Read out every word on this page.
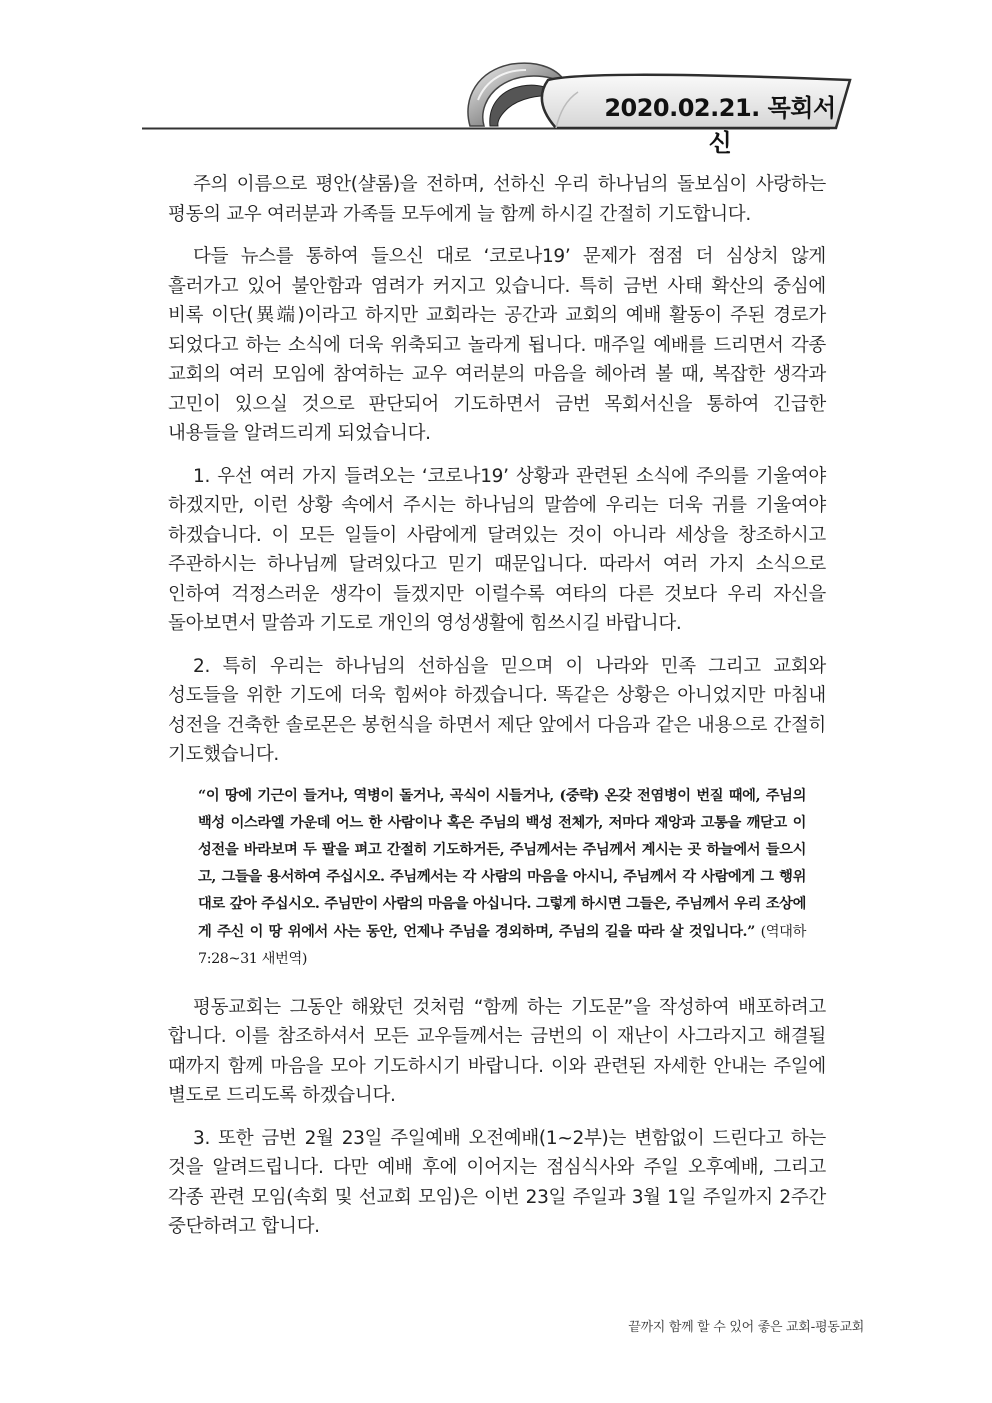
2020.02.21. 목회서신

주의 이름으로 평안(샬롬)을 전하며, 선하신 우리 하나님의 돌보심이 사랑하는 평동의 교우 여러분과 가족들 모두에게 늘 함께 하시길 간절히 기도합니다.

다들 뉴스를 통하여 들으신 대로 ‘코로나19’ 문제가 점점 더 심상치 않게 흘러가고 있어 불안함과 염려가 커지고 있습니다. 특히 금번 사태 확산의 중심에 비록 이단(異端)이라고 하지만 교회라는 공간과 교회의 예배 활동이 주된 경로가 되었다고 하는 소식에 더욱 위축되고 놀라게 됩니다. 매주일 예배를 드리면서 각종 교회의 여러 모임에 참여하는 교우 여러분의 마음을 헤아려 볼 때, 복잡한 생각과 고민이 있으실 것으로 판단되어 기도하면서 금번 목회서신을 통하여 긴급한 내용들을 알려드리게 되었습니다.

1. 우선 여러 가지 들려오는 ‘코로나19’ 상황과 관련된 소식에 주의를 기울여야 하겠지만, 이런 상황 속에서 주시는 하나님의 말씀에 우리는 더욱 귀를 기울여야 하겠습니다. 이 모든 일들이 사람에게 달려있는 것이 아니라 세상을 창조하시고 주관하시는 하나님께 달려있다고 믿기 때문입니다. 따라서 여러 가지 소식으로 인하여 걱정스러운 생각이 들겠지만 이럴수록 여타의 다른 것보다 우리 자신을 돌아보면서 말씀과 기도로 개인의 영성생활에 힘쓰시길 바랍니다.

2. 특히 우리는 하나님의 선하심을 믿으며 이 나라와 민족 그리고 교회와 성도들을 위한 기도에 더욱 힘써야 하겠습니다. 똑같은 상황은 아니었지만 마침내 성전을 건축한 솔로몬은 봉헌식을 하면서 제단 앞에서 다음과 같은 내용으로 간절히 기도했습니다.

“이 땅에 기근이 들거나, 역병이 돌거나, 곡식이 시들거나, (중략) 온갖 전염병이 번질 때에, 주님의 백성 이스라엘 가운데 어느 한 사람이나 혹은 주님의 백성 전체가, 저마다 재앙과 고통을 깨닫고 이 성전을 바라보며 두 팔을 펴고 간절히 기도하거든, 주님께서는 주님께서 계시는 곳 하늘에서 들으시고, 그들을 용서하여 주십시오. 주님께서는 각 사람의 마음을 아시니, 주님께서 각 사람에게 그 행위대로 갚아 주십시오. 주님만이 사람의 마음을 아십니다. 그렇게 하시면 그들은, 주님께서 우리 조상에게 주신 이 땅 위에서 사는 동안, 언제나 주님을 경외하며, 주님의 길을 따라 살 것입니다.” (역대하 7:28~31 새번역)

평동교회는 그동안 해왔던 것처럼 “함께 하는 기도문”을 작성하여 배포하려고 합니다. 이를 참조하셔서 모든 교우들께서는 금번의 이 재난이 사그라지고 해결될 때까지 함께 마음을 모아 기도하시기 바랍니다. 이와 관련된 자세한 안내는 주일에 별도로 드리도록 하겠습니다.

3. 또한 금번 2월 23일 주일예배 오전예배(1~2부)는 변함없이 드린다고 하는 것을 알려드립니다. 다만 예배 후에 이어지는 점심식사와 주일 오후예배, 그리고 각종 관련 모임(속회 및 선교회 모임)은 이번 23일 주일과 3월 1일 주일까지 2주간 중단하려고 합니다.

끝까지 함께 할 수 있어 좋은 교회-평동교회
